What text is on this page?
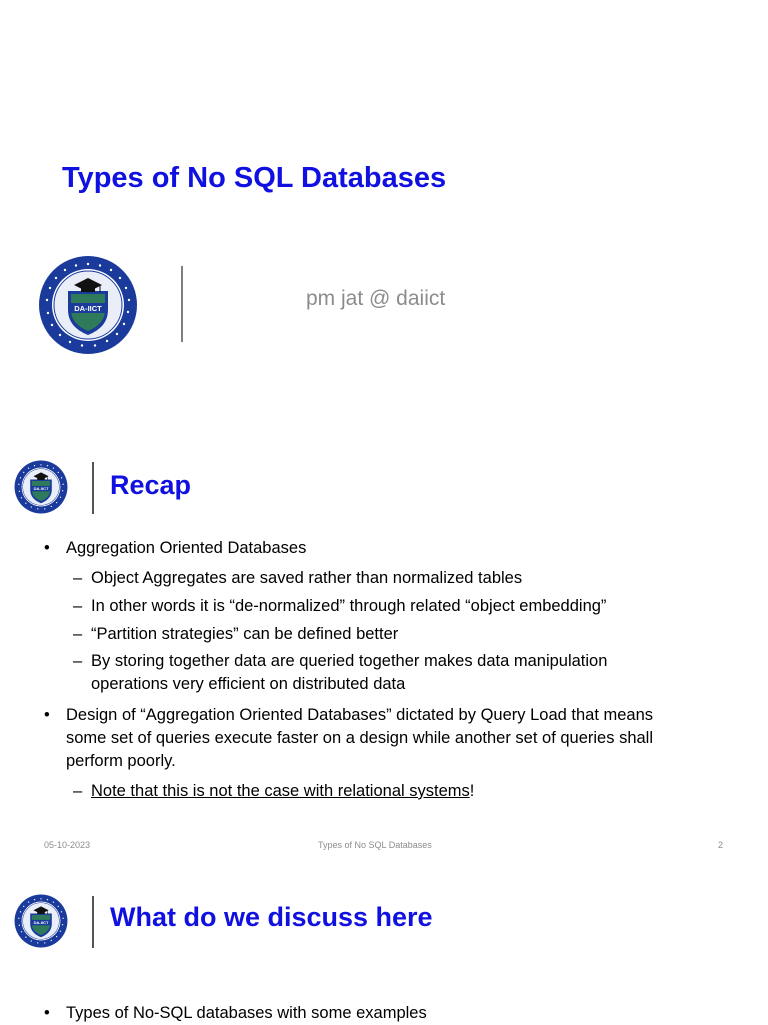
Types of No SQL Databases
pm jat @ daiict
Recap
• Aggregation Oriented Databases
– Object Aggregates are saved rather than normalized tables
– In other words it is “de-normalized” through related “object embedding”
– “Partition strategies” can be defined better
– By storing together data are queried together makes data manipulation
operations very efficient on distributed data
• Design of “Aggregation Oriented Databases” dictated by Query Load that means
some set of queries execute faster on a design while another set of queries shall
perform poorly.
– Note that this is not the case with relational systems!
05-10-2023	Types of No SQL Databases	2
What do we discuss here
• Types of No-SQL databases with some examples
